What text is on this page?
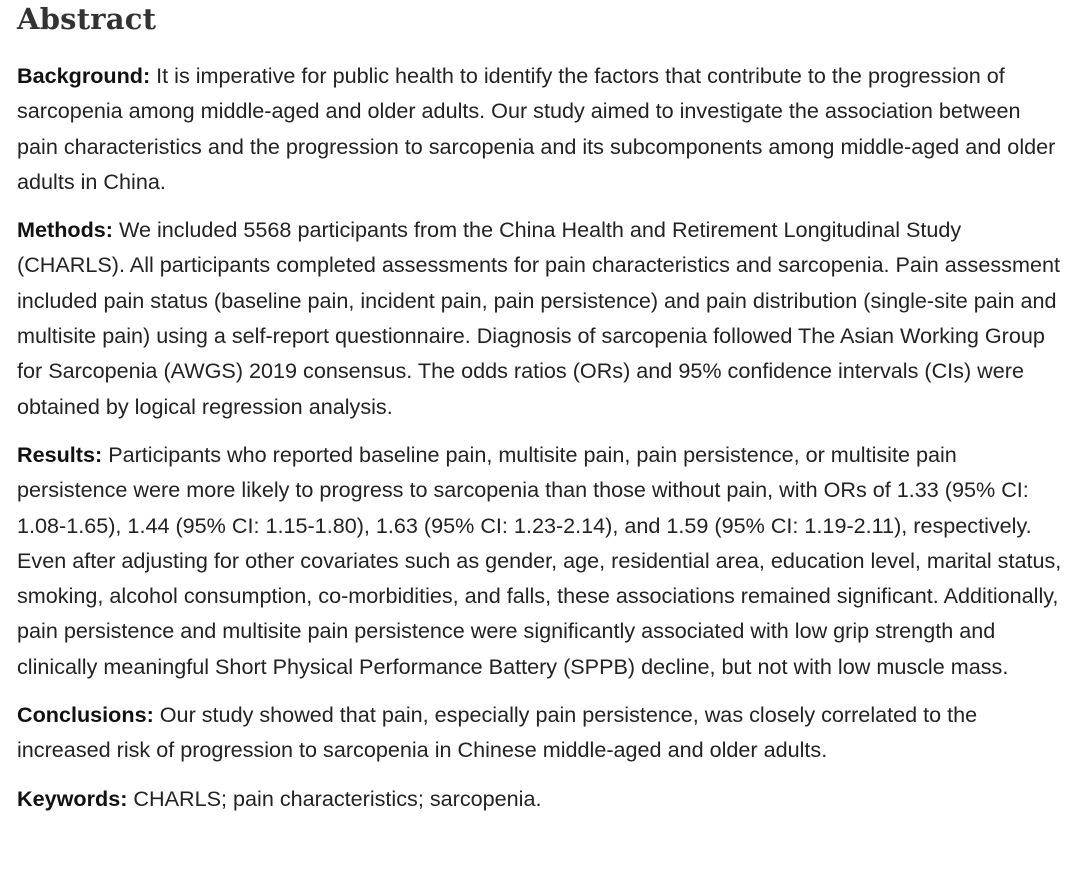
Abstract

Background: It is imperative for public health to identify the factors that contribute to the progression of sarcopenia among middle-aged and older adults. Our study aimed to investigate the association between pain characteristics and the progression to sarcopenia and its subcomponents among middle-aged and older adults in China.

Methods: We included 5568 participants from the China Health and Retirement Longitudinal Study (CHARLS). All participants completed assessments for pain characteristics and sarcopenia. Pain assessment included pain status (baseline pain, incident pain, pain persistence) and pain distribution (single-site pain and multisite pain) using a self-report questionnaire. Diagnosis of sarcopenia followed The Asian Working Group for Sarcopenia (AWGS) 2019 consensus. The odds ratios (ORs) and 95% confidence intervals (CIs) were obtained by logical regression analysis.

Results: Participants who reported baseline pain, multisite pain, pain persistence, or multisite pain persistence were more likely to progress to sarcopenia than those without pain, with ORs of 1.33 (95% CI: 1.08-1.65), 1.44 (95% CI: 1.15-1.80), 1.63 (95% CI: 1.23-2.14), and 1.59 (95% CI: 1.19-2.11), respectively. Even after adjusting for other covariates such as gender, age, residential area, education level, marital status, smoking, alcohol consumption, co-morbidities, and falls, these associations remained significant. Additionally, pain persistence and multisite pain persistence were significantly associated with low grip strength and clinically meaningful Short Physical Performance Battery (SPPB) decline, but not with low muscle mass.

Conclusions: Our study showed that pain, especially pain persistence, was closely correlated to the increased risk of progression to sarcopenia in Chinese middle-aged and older adults.

Keywords: CHARLS; pain characteristics; sarcopenia.
